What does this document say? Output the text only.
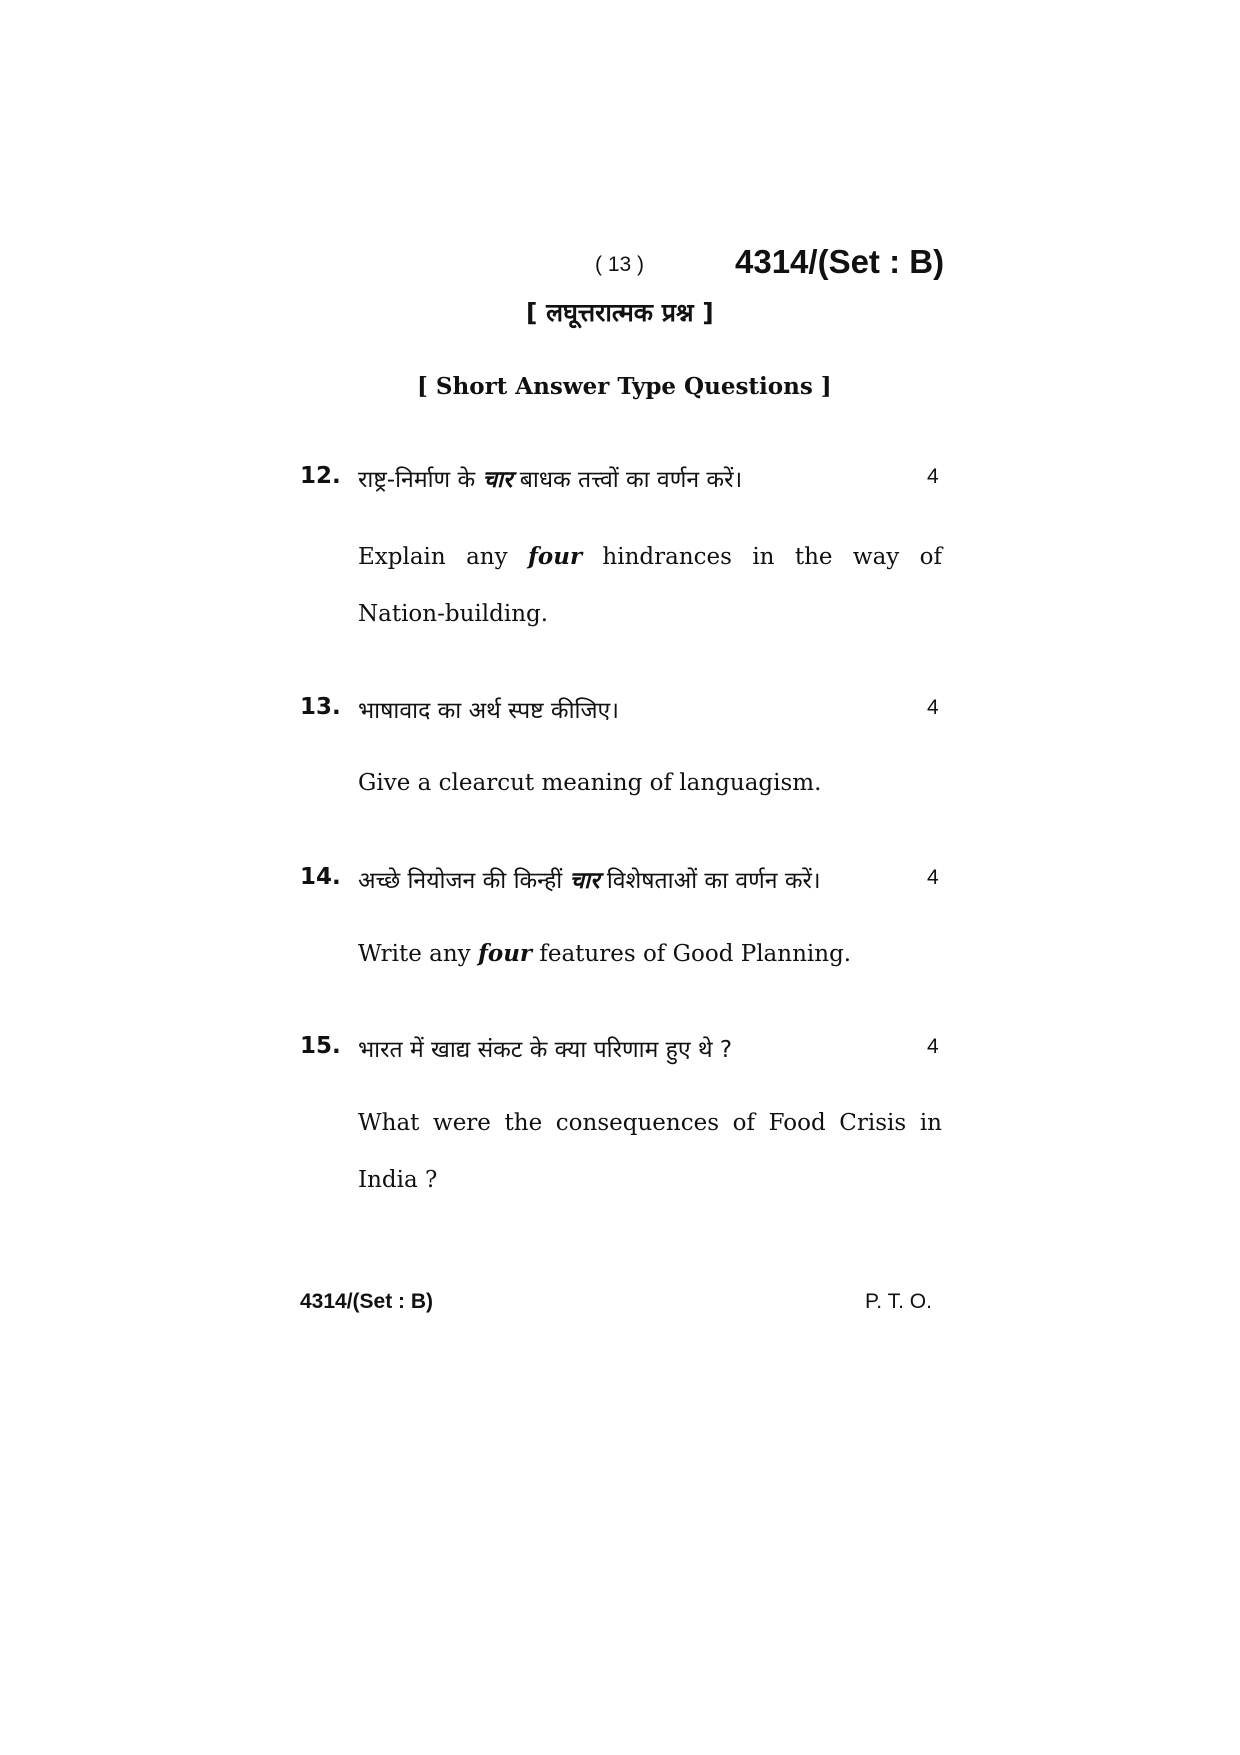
( 13 )	4314/(Set : B)
[ लघूत्तरात्मक प्रश्न ]
[ Short Answer Type Questions ]
12. राष्ट्र-निर्माण के चार बाधक तत्त्वों का वर्णन करें।	4
Explain any four hindrances in the way of
Nation-building.
13. भाषावाद का अर्थ स्पष्ट कीजिए।	4
Give a clearcut meaning of languagism.
14. अच्छे नियोजन की किन्हीं चार विशेषताओं का वर्णन करें।	4
Write any four features of Good Planning.
15. भारत में खाद्य संकट के क्या परिणाम हुए थे ?	4
What were the consequences of Food Crisis in
India ?
4314/(Set : B)	P. T. O.
